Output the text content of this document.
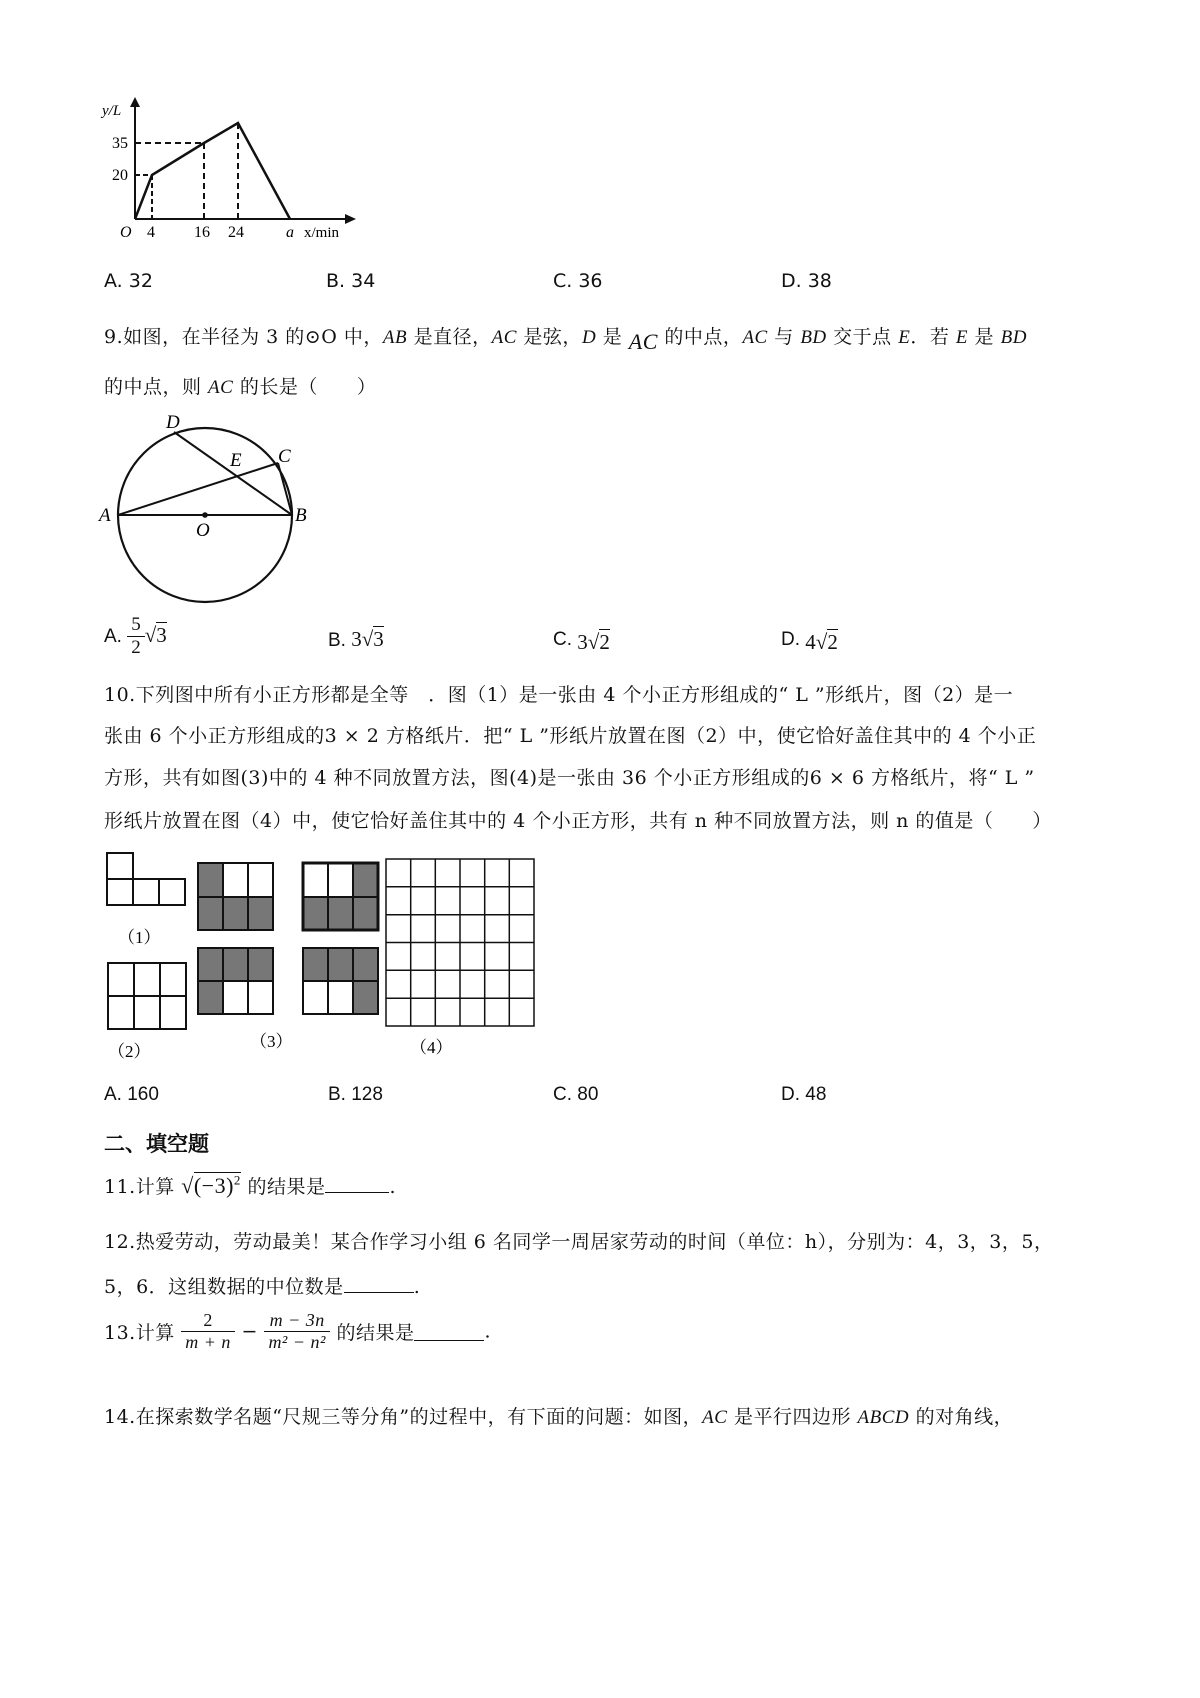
y/L
35
20
O 4 16 24	a x/min
A. 32	B. 34	C. 36	D. 38
9.如图，在半径为 3 的⊙O 中，AB 是直径，AC 是弦，D 是 AC 的中点，AC 与 BD 交于点 E．若 E 是 BD
的中点，则 AC 的长是（　　）
A	B
C
D
E
O
A. $\frac{5}{2} √3$	B. 3√3	C. 3√2	D. 4√2
10.下列图中所有小正方形都是全等　．图（1）是一张由 4 个小正方形组成的“ L ”形纸片，图（2）是一
张由 6 个小正方形组成的3 × 2 方格纸片．把“ L ”形纸片放置在图（2）中，使它恰好盖住其中的 4 个小正
方形，共有如图(3)中的 4 种不同放置方法，图(4)是一张由 36 个小正方形组成的6 × 6 方格纸片，将“ L ”
形纸片放置在图（4）中，使它恰好盖住其中的 4 个小正方形，共有 n 种不同放置方法，则 n 的值是（　　）
（1）
（2）
（3）	（4）
A. 160	B. 128	C. 80	D. 48
二、填空题
11.计算 $√(-3)^2$ 的结果是	.
12.热爱劳动，劳动最美！某合作学习小组 6 名同学一周居家劳动的时间（单位：h），分别为：4，3，3，5，
5，6．这组数据的中位数是	.
13.计算 $\frac{2}{m + n} - \frac{m - 3n}{\text{m² − n²}}$ 的结果是	.
14.在探索数学名题“尺规三等分角”的过程中，有下面的问题：如图，AC 是平行四边形 ABCD 的对角线，
